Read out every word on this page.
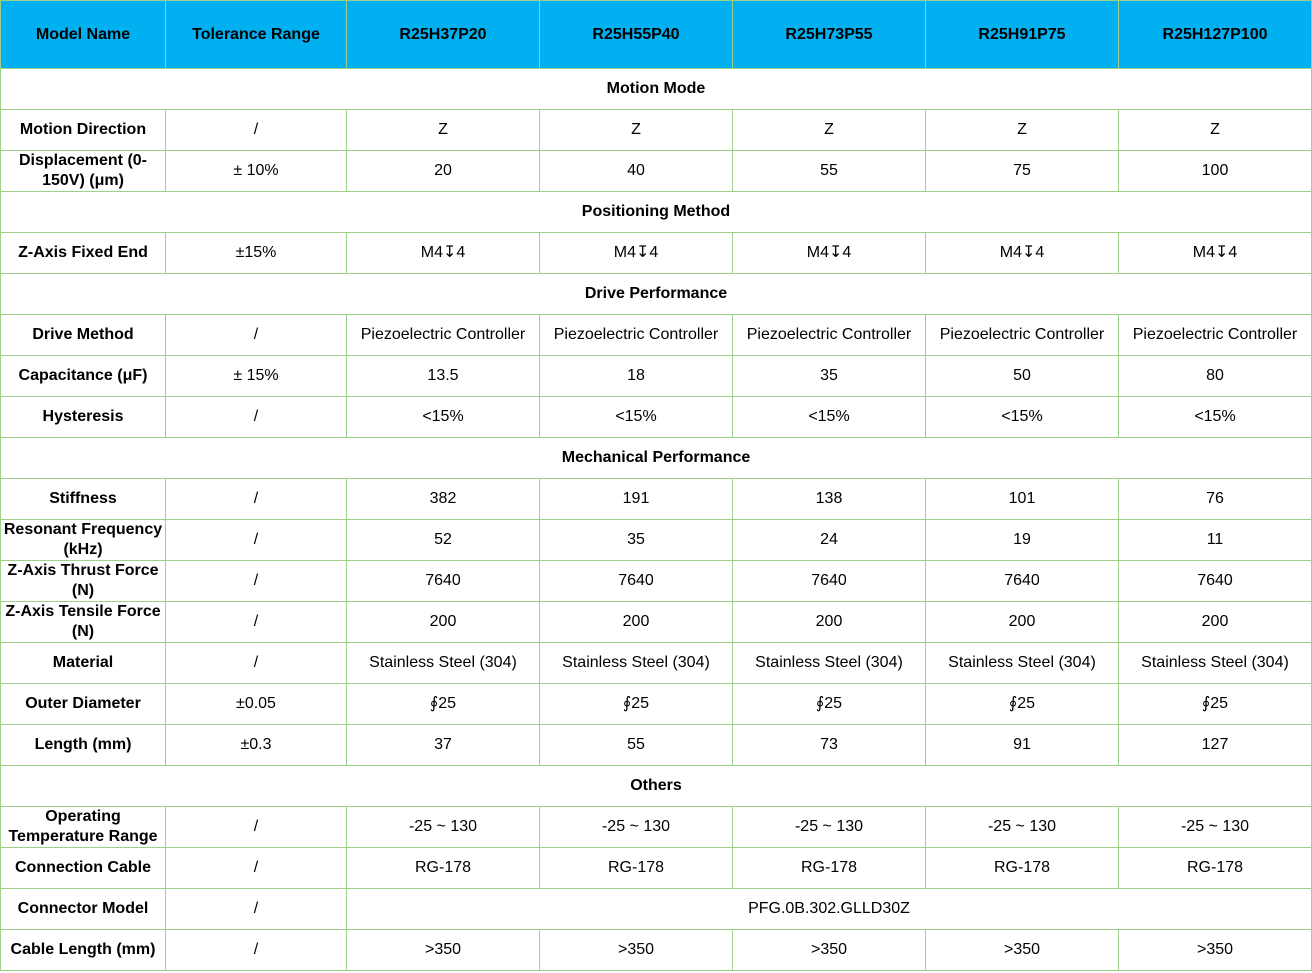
Model Name	Tolerance Range	R25H37P20	R25H55P40	R25H73P55	R25H91P75	R25H127P100
Motion Mode						
Motion Direction	/	Z	Z	Z	Z	Z
Displacement (0-150V) (μm)	± 10%	20	40	55	75	100
Positioning Method						
Z-Axis Fixed End	±15%	M4↧4	M4↧4	M4↧4	M4↧4	M4↧4
Drive Performance						
Drive Method	/	Piezoelectric Controller	Piezoelectric Controller	Piezoelectric Controller	Piezoelectric Controller	Piezoelectric Controller
Capacitance (μF)	± 15%	13.5	18	35	50	80
Hysteresis	/	<15%	<15%	<15%	<15%	<15%
Mechanical Performance						
Stiffness	/	382	191	138	101	76
Resonant Frequency (kHz)	/	52	35	24	19	11
Z-Axis Thrust Force (N)	/	7640	7640	7640	7640	7640
Z-Axis Tensile Force (N)	/	200	200	200	200	200
Material	/	Stainless Steel (304)	Stainless Steel (304)	Stainless Steel (304)	Stainless Steel (304)	Stainless Steel (304)
Outer Diameter	±0.05	∮25	∮25	∮25	∮25	∮25
Length (mm)	±0.3	37	55	73	91	127
Others						
Operating Temperature Range	/	-25 ~ 130	-25 ~ 130	-25 ~ 130	-25 ~ 130	-25 ~ 130
Connection Cable	/	RG-178	RG-178	RG-178	RG-178	RG-178
Connector Model	/	PFG.0B.302.GLLD30Z				
Cable Length (mm)	/	>350	>350	>350	>350	>350
